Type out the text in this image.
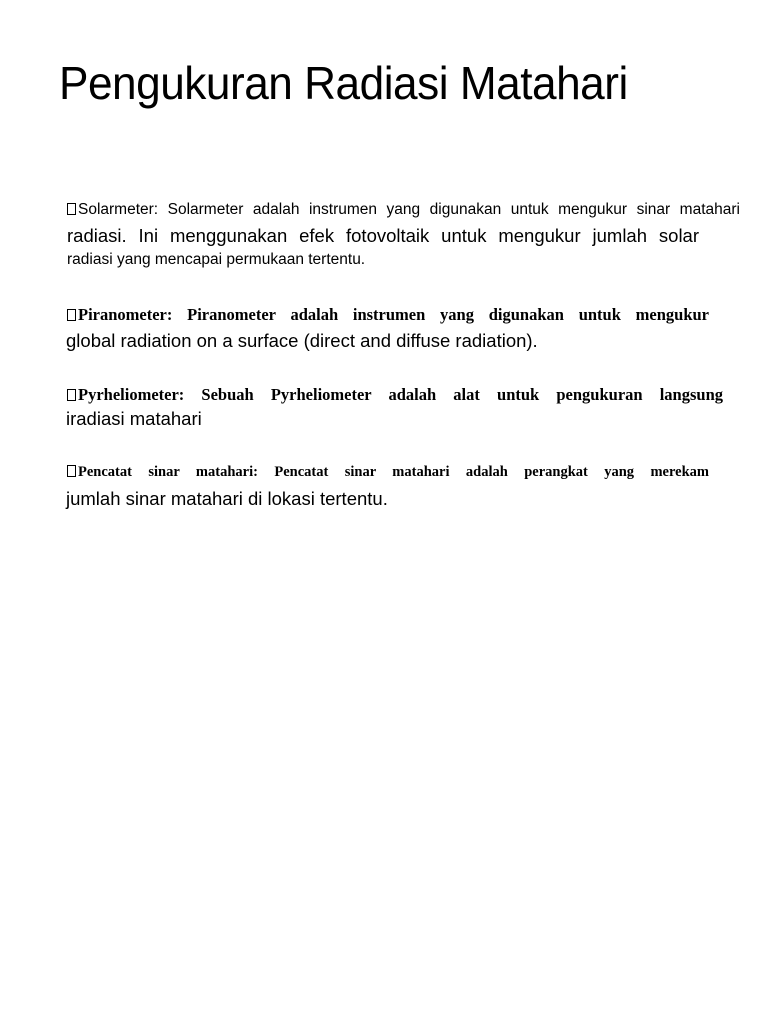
Pengukuran Radiasi Matahari
Solarmeter: Solarmeter adalah instrumen yang digunakan untuk mengukur sinar matahari
radiasi. Ini menggunakan efek fotovoltaik untuk mengukur jumlah solar
radiasi yang mencapai permukaan tertentu.
Piranometer: Piranometer adalah instrumen yang digunakan untuk mengukur
global radiation on a surface (direct and diffuse radiation).
Pyrheliometer: Sebuah Pyrheliometer adalah alat untuk pengukuran langsung
iradiasi matahari
Pencatat sinar matahari: Pencatat sinar matahari adalah perangkat yang merekam
jumlah sinar matahari di lokasi tertentu.
